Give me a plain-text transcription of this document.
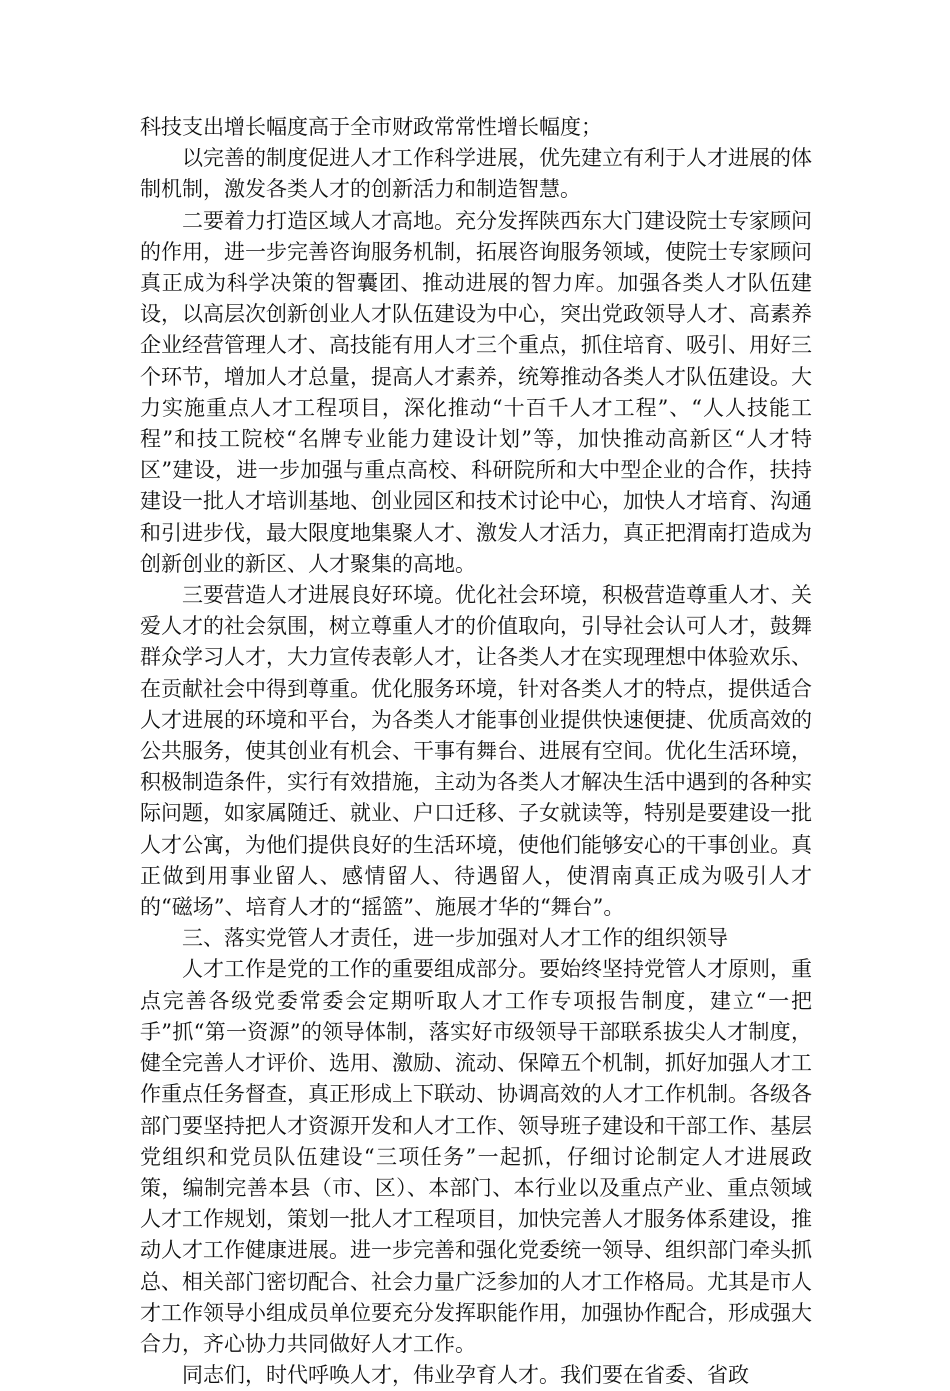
科技支出增长幅度高于全市财政常常性增长幅度；

以完善的制度促进人才工作科学进展，优先建立有利于人才进展的体制机制，激发各类人才的创新活力和制造智慧。

二要着力打造区域人才高地。充分发挥陕西东大门建设院士专家顾问的作用，进一步完善咨询服务机制，拓展咨询服务领域，使院士专家顾问真正成为科学决策的智囊团、推动进展的智力库。加强各类人才队伍建设，以高层次创新创业人才队伍建设为中心，突出党政领导人才、高素养企业经营管理人才、高技能有用人才三个重点，抓住培育、吸引、用好三个环节，增加人才总量，提高人才素养，统筹推动各类人才队伍建设。大力实施重点人才工程项目，深化推动“十百千人才工程”、“人人技能工程”和技工院校“名牌专业能力建设计划”等，加快推动高新区“人才特区”建设，进一步加强与重点高校、科研院所和大中型企业的合作，扶持建设一批人才培训基地、创业园区和技术讨论中心，加快人才培育、沟通和引进步伐，最大限度地集聚人才、激发人才活力，真正把渭南打造成为创新创业的新区、人才聚集的高地。

三要营造人才进展良好环境。优化社会环境，积极营造尊重人才、关爱人才的社会氛围，树立尊重人才的价值取向，引导社会认可人才，鼓舞群众学习人才，大力宣传表彰人才，让各类人才在实现理想中体验欢乐、在贡献社会中得到尊重。优化服务环境，针对各类人才的特点，提供适合人才进展的环境和平台，为各类人才能事创业提供快速便捷、优质高效的公共服务，使其创业有机会、干事有舞台、进展有空间。优化生活环境，积极制造条件，实行有效措施，主动为各类人才解决生活中遇到的各种实际问题，如家属随迁、就业、户口迁移、子女就读等，特别是要建设一批人才公寓，为他们提供良好的生活环境，使他们能够安心的干事创业。真正做到用事业留人、感情留人、待遇留人，使渭南真正成为吸引人才的“磁场”、培育人才的“摇篮”、施展才华的“舞台”。

三、落实党管人才责任，进一步加强对人才工作的组织领导

人才工作是党的工作的重要组成部分。要始终坚持党管人才原则，重点完善各级党委常委会定期听取人才工作专项报告制度，建立“一把手”抓“第一资源”的领导体制，落实好市级领导干部联系拔尖人才制度，健全完善人才评价、选用、激励、流动、保障五个机制，抓好加强人才工作重点任务督查，真正形成上下联动、协调高效的人才工作机制。各级各部门要坚持把人才资源开发和人才工作、领导班子建设和干部工作、基层党组织和党员队伍建设“三项任务”一起抓，仔细讨论制定人才进展政策，编制完善本县（市、区）、本部门、本行业以及重点产业、重点领域人才工作规划，策划一批人才工程项目，加快完善人才服务体系建设，推动人才工作健康进展。进一步完善和强化党委统一领导、组织部门牵头抓总、相关部门密切配合、社会力量广泛参加的人才工作格局。尤其是市人才工作领导小组成员单位要充分发挥职能作用，加强协作配合，形成强大合力，齐心协力共同做好人才工作。

同志们，时代呼唤人才，伟业孕育人才。我们要在省委、省政
